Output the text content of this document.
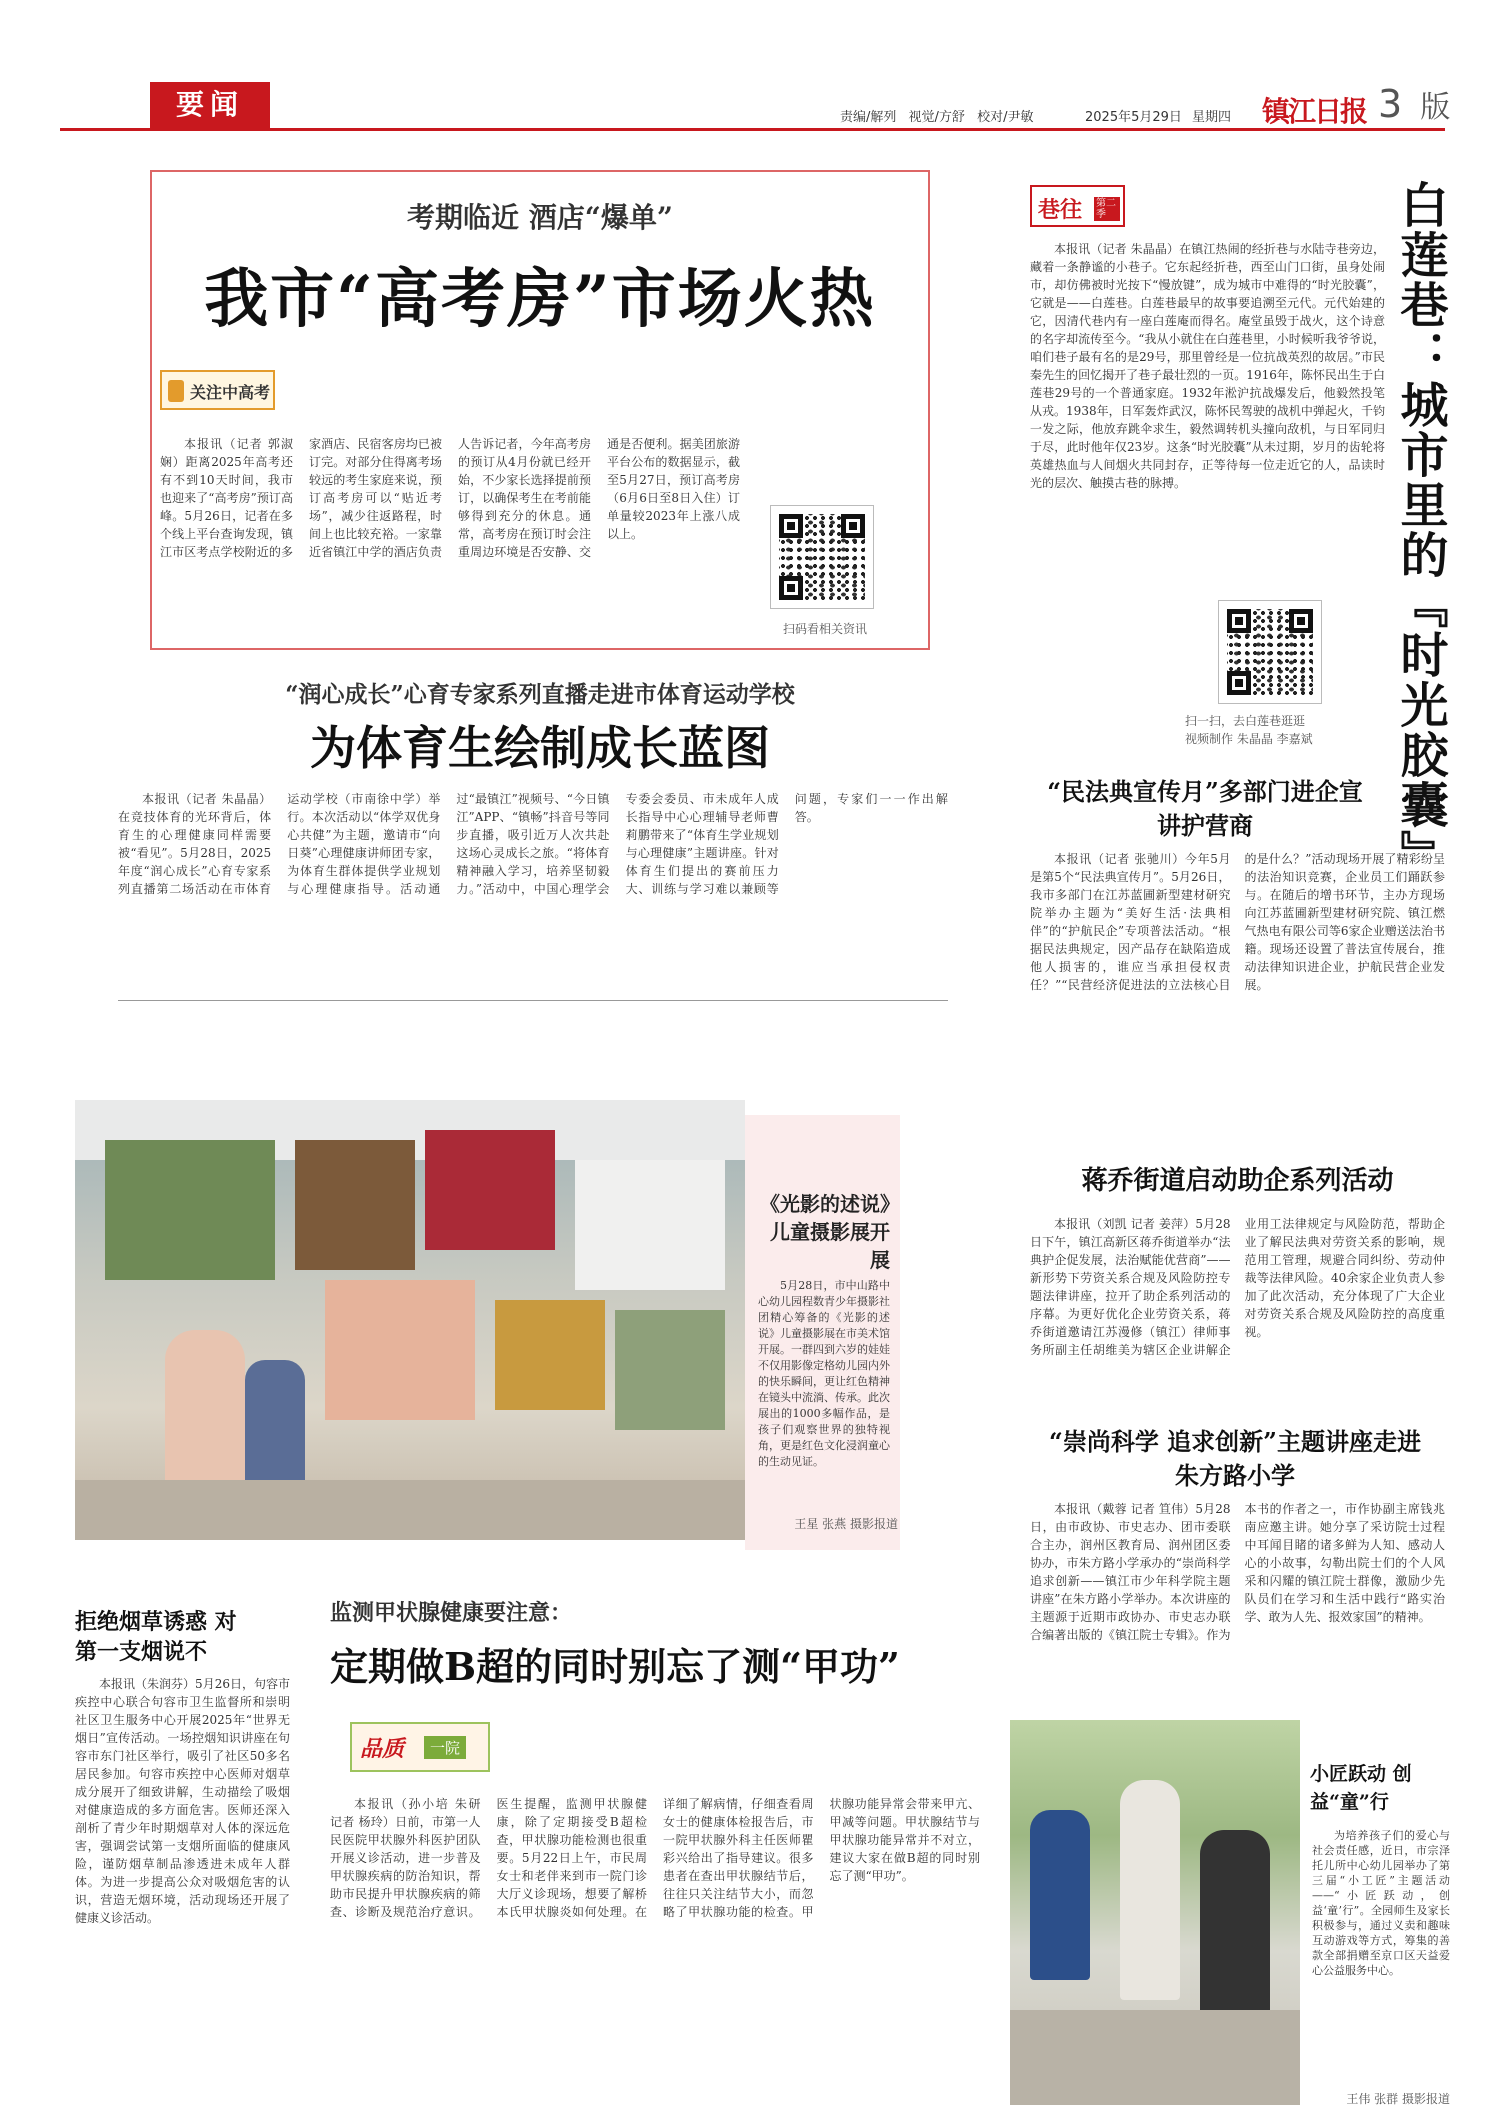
要闻	责编/解列 视觉/方舒 校对/尹敏	2025年5月29日 星期四 镇江日报 3 版
考期临近 酒店“爆单”
我市“高考房”市场火热
关注中高考

本报讯（记者 郭淑娴）距离2025年高考还有不到10天时间，我市也迎来了“高考房”预订高峰。5月26日，记者在多个线上平台查询发现，镇江市区考点学校附近的多家酒店、民宿客房均已被订完。对部分住得离考场较远的考生家庭来说，预订高考房可以“贴近考场”，减少往返路程，时间上也比较充裕。一家靠近省镇江中学的酒店负责人告诉记者，今年高考房的预订从4月份就已经开始，不少家长选择提前预订，以确保考生在考前能够得到充分的休息。通常，高考房在预订时会注重周边环境是否安静、交通是否便利。据美团旅游平台公布的数据显示，截至5月27日，预订高考房（6月6日至8日入住）订单量较2023年上涨八成以上。

扫码看相关资讯
“润心成长”心育专家系列直播走进市体育运动学校
为体育生绘制成长蓝图

本报讯（记者 朱晶晶）在竞技体育的光环背后，体育生的心理健康同样需要被“看见”。5月28日，2025年度“润心成长”心育专家系列直播第二场活动在市体育运动学校（市南徐中学）举行。本次活动以“体学双优身心共健”为主题，邀请市“向日葵”心理健康讲师团专家，为体育生群体提供学业规划与心理健康指导。活动通过“最镇江”视频号、“今日镇江”APP、“镇畅”抖音号等同步直播，吸引近万人次共赴这场心灵成长之旅。“将体育精神融入学习，培养坚韧毅力。”活动中，中国心理学会专委会委员、市未成年人成长指导中心心理辅导老师曹莉鹏带来了“体育生学业规划与心理健康”主题讲座。针对体育生们提出的赛前压力大、训练与学习难以兼顾等问题，专家们一一作出解答。

巷往 第二季

本报讯（记者 朱晶晶）在镇江热闹的经折巷与水陆寺巷旁边，藏着一条静谧的小巷子。它东起经折巷，西至山门口街，虽身处闹市，却仿佛被时光按下“慢放键”，成为城市中难得的“时光胶囊”，它就是——白莲巷。白莲巷最早的故事要追溯至元代。元代始建的它，因清代巷内有一座白莲庵而得名。庵堂虽毁于战火，这个诗意的名字却流传至今。“我从小就住在白莲巷里，小时候听我爷爷说，咱们巷子最有名的是29号，那里曾经是一位抗战英烈的故居。”市民秦先生的回忆揭开了巷子最壮烈的一页。1916年，陈怀民出生于白莲巷29号的一个普通家庭。1932年淞沪抗战爆发后，他毅然投笔从戎。1938年，日军轰炸武汉，陈怀民驾驶的战机中弹起火，千钧一发之际，他放弃跳伞求生，毅然调转机头撞向敌机，与日军同归于尽，此时他年仅23岁。这条“时光胶囊”从未过期，岁月的齿轮将英雄热血与人间烟火共同封存，正等待每一位走近它的人，品读时光的层次、触摸古巷的脉搏。	白莲巷：城市里的『时光胶囊』
扫一扫，去白莲巷逛逛
视频制作 朱晶晶 李嘉斌
“民法典宣传月”多部门进企宣讲护营商

本报讯（记者 张驰川）今年5月是第5个“民法典宣传月”。5月26日，我市多部门在江苏蓝圃新型建材研究院举办主题为“美好生活·法典相伴”的“护航民企”专项普法活动。“根据民法典规定，因产品存在缺陷造成他人损害的，谁应当承担侵权责任？”“民营经济促进法的立法核心目的是什么？”活动现场开展了精彩纷呈的法治知识竞赛，企业员工们踊跃参与。在随后的增书环节，主办方现场向江苏蓝圃新型建材研究院、镇江燃气热电有限公司等6家企业赠送法治书籍。现场还设置了普法宣传展台，推动法律知识进企业，护航民营企业发展。

蒋乔街道启动助企系列活动

本报讯（刘凯 记者 姜萍）5月28日下午，镇江高新区蒋乔街道举办“法典护企促发展，法治赋能优营商”——新形势下劳资关系合规及风险防控专题法律讲座，拉开了助企系列活动的序幕。为更好优化企业劳资关系，蒋乔街道邀请江苏漫修（镇江）律师事务所副主任胡维美为辖区企业讲解企业用工法律规定与风险防范，帮助企业了解民法典对劳资关系的影响，规范用工管理，规避合同纠纷、劳动仲裁等法律风险。40余家企业负责人参加了此次活动，充分体现了广大企业对劳资关系合规及风险防控的高度重视。

“崇尚科学 追求创新”主题讲座走进朱方路小学

本报讯（戴蓉 记者 笪伟）5月28日，由市政协、市史志办、团市委联合主办，润州区教育局、润州团区委协办，市朱方路小学承办的“崇尚科学 追求创新——镇江市少年科学院主题讲座”在朱方路小学举办。本次讲座的主题源于近期市政协办、市史志办联合编著出版的《镇江院士专辑》。作为本书的作者之一，市作协副主席钱兆南应邀主讲。她分享了采访院士过程中耳闻目睹的诸多鲜为人知、感动人心的小故事，勾勒出院士们的个人风采和闪耀的镇江院士群像，激励少先队员们在学习和生活中践行“路实治学、敢为人先、报效家国”的精神。

《光影的述说》儿童摄影展开展

5月28日，市中山路中心幼儿园程数青少年摄影社团精心筹备的《光影的述说》儿童摄影展在市美术馆开展。一群四到六岁的娃娃不仅用影像定格幼儿园内外的快乐瞬间，更让红色精神在镜头中流淌、传承。此次展出的1000多幅作品，是孩子们观察世界的独特视角，更是红色文化浸润童心的生动见证。

王星 张燕 摄影报道
拒绝烟草诱惑 对第一支烟说不

本报讯（朱润芬）5月26日，句容市疾控中心联合句容市卫生监督所和崇明社区卫生服务中心开展2025年“世界无烟日”宣传活动。一场控烟知识讲座在句容市东门社区举行，吸引了社区50多名居民参加。句容市疾控中心医师对烟草成分展开了细致讲解，生动描绘了吸烟对健康造成的多方面危害。医师还深入剖析了青少年时期烟草对人体的深远危害，强调尝试第一支烟所面临的健康风险，谨防烟草制品渗透进未成年人群体。为进一步提高公众对吸烟危害的认识，营造无烟环境，活动现场还开展了健康义诊活动。

监测甲状腺健康要注意：
定期做B超的同时别忘了测“甲功”
品质	一院

本报讯（孙小培 朱研 记者 杨玲）日前，市第一人民医院甲状腺外科医护团队开展义诊活动，进一步普及甲状腺疾病的防治知识，帮助市民提升甲状腺疾病的筛查、诊断及规范治疗意识。医生提醒，监测甲状腺健康，除了定期接受B超检查，甲状腺功能检测也很重要。5月22日上午，市民周女士和老伴来到市一院门诊大厅义诊现场，想要了解桥本氏甲状腺炎如何处理。在详细了解病情，仔细查看周女士的健康体检报告后，市一院甲状腺外科主任医师瞿彩兴给出了指导建议。很多患者在查出甲状腺结节后，往往只关注结节大小，而忽略了甲状腺功能的检查。甲状腺功能异常会带来甲亢、甲减等问题。甲状腺结节与甲状腺功能异常并不对立，建议大家在做B超的同时别忘了测“甲功”。

小匠跃动 创益“童”行

为培养孩子们的爱心与社会责任感，近日，市宗泽托儿所中心幼儿园举办了第三届“小工匠”主题活动——“小匠跃动，创益‘童’行”。全园师生及家长积极参与，通过义卖和趣味互动游戏等方式，筹集的善款全部捐赠至京口区天益爱心公益服务中心。

王伟 张群 摄影报道
